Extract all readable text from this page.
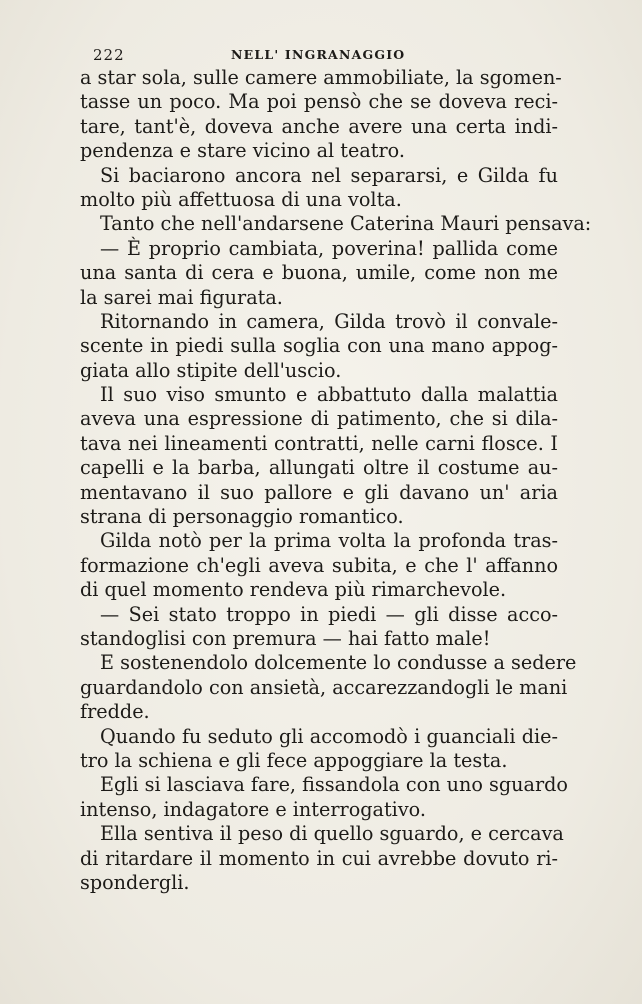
222	NELL' INGRANAGGIO
a star sola, sulle camere ammobiliate, la sgomen-
tasse un poco. Ma poi pensò che se doveva reci-
tare, tant'è, doveva anche avere una certa indi-
pendenza e stare vicino al teatro.
Si baciarono ancora nel separarsi, e Gilda fu
molto più affettuosa di una volta.
Tanto che nell'andarsene Caterina Mauri pensava:
— È proprio cambiata, poverina! pallida come
una santa di cera e buona, umile, come non me
la sarei mai figurata.
Ritornando in camera, Gilda trovò il convale-
scente in piedi sulla soglia con una mano appog-
giata allo stipite dell'uscio.
Il suo viso smunto e abbattuto dalla malattia
aveva una espressione di patimento, che si dila-
tava nei lineamenti contratti, nelle carni flosce. I
capelli e la barba, allungati oltre il costume au-
mentavano il suo pallore e gli davano un' aria
strana di personaggio romantico.
Gilda notò per la prima volta la profonda tras-
formazione ch'egli aveva subita, e che l' affanno
di quel momento rendeva più rimarchevole.
— Sei stato troppo in piedi — gli disse acco-
standoglisi con premura — hai fatto male!
E sostenendolo dolcemente lo condusse a sedere
guardandolo con ansietà, accarezzandogli le mani
fredde.
Quando fu seduto gli accomodò i guanciali die-
tro la schiena e gli fece appoggiare la testa.
Egli si lasciava fare, fissandola con uno sguardo
intenso, indagatore e interrogativo.
Ella sentiva il peso di quello sguardo, e cercava
di ritardare il momento in cui avrebbe dovuto ri-
spondergli.
